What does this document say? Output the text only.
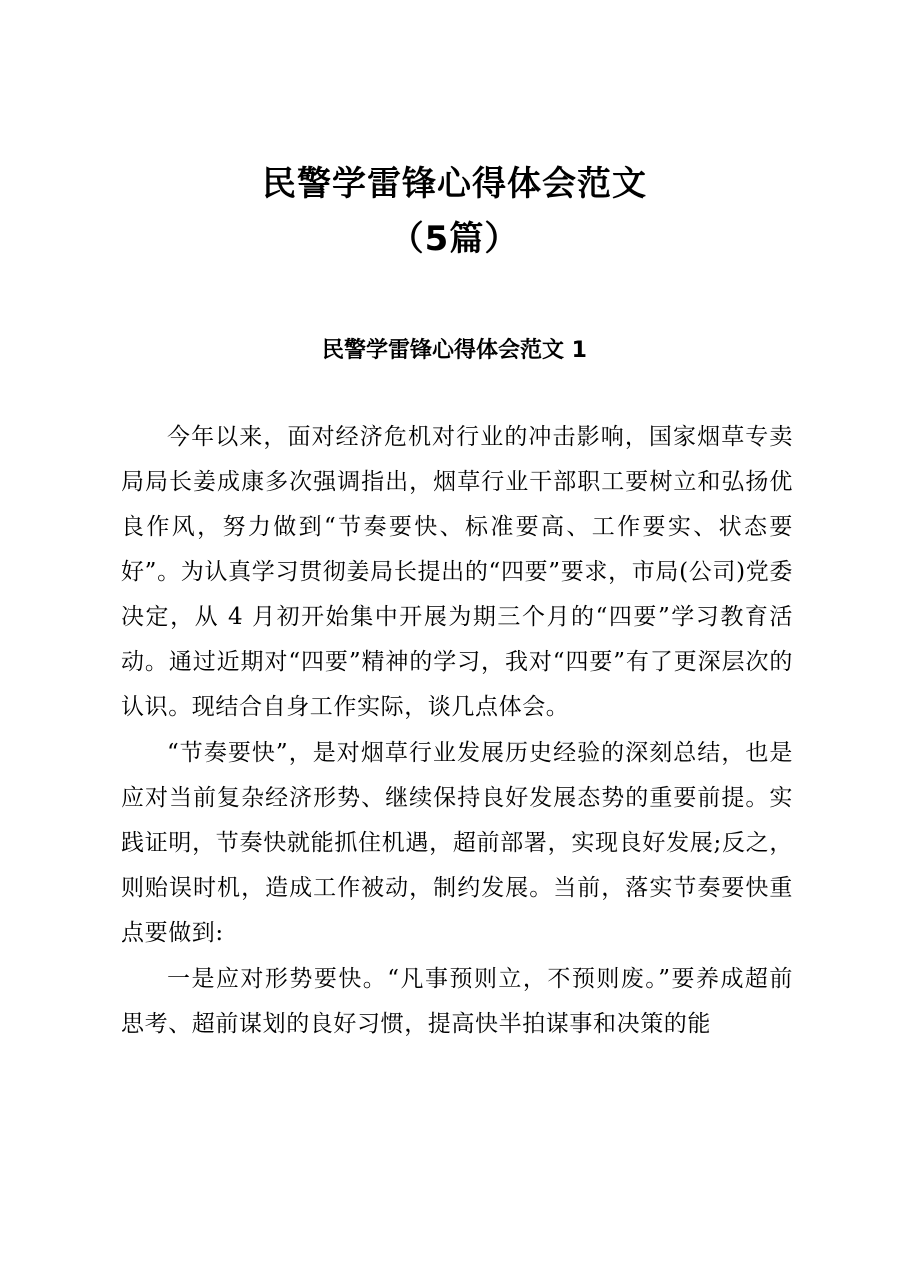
民警学雷锋心得体会范文
（5篇）
民警学雷锋心得体会范文 1

今年以来，面对经济危机对行业的冲击影响，国家烟草专卖局局长姜成康多次强调指出，烟草行业干部职工要树立和弘扬优良作风，努力做到“节奏要快、标准要高、工作要实、状态要好”。为认真学习贯彻姜局长提出的“四要”要求，市局(公司)党委决定，从 4 月初开始集中开展为期三个月的“四要”学习教育活动。通过近期对“四要”精神的学习，我对“四要”有了更深层次的认识。现结合自身工作实际，谈几点体会。

“节奏要快”，是对烟草行业发展历史经验的深刻总结，也是应对当前复杂经济形势、继续保持良好发展态势的重要前提。实践证明，节奏快就能抓住机遇，超前部署，实现良好发展;反之，则贻误时机，造成工作被动，制约发展。当前，落实节奏要快重点要做到:

一是应对形势要快。“凡事预则立，不预则废。”要养成超前思考、超前谋划的良好习惯，提高快半拍谋事和决策的能
